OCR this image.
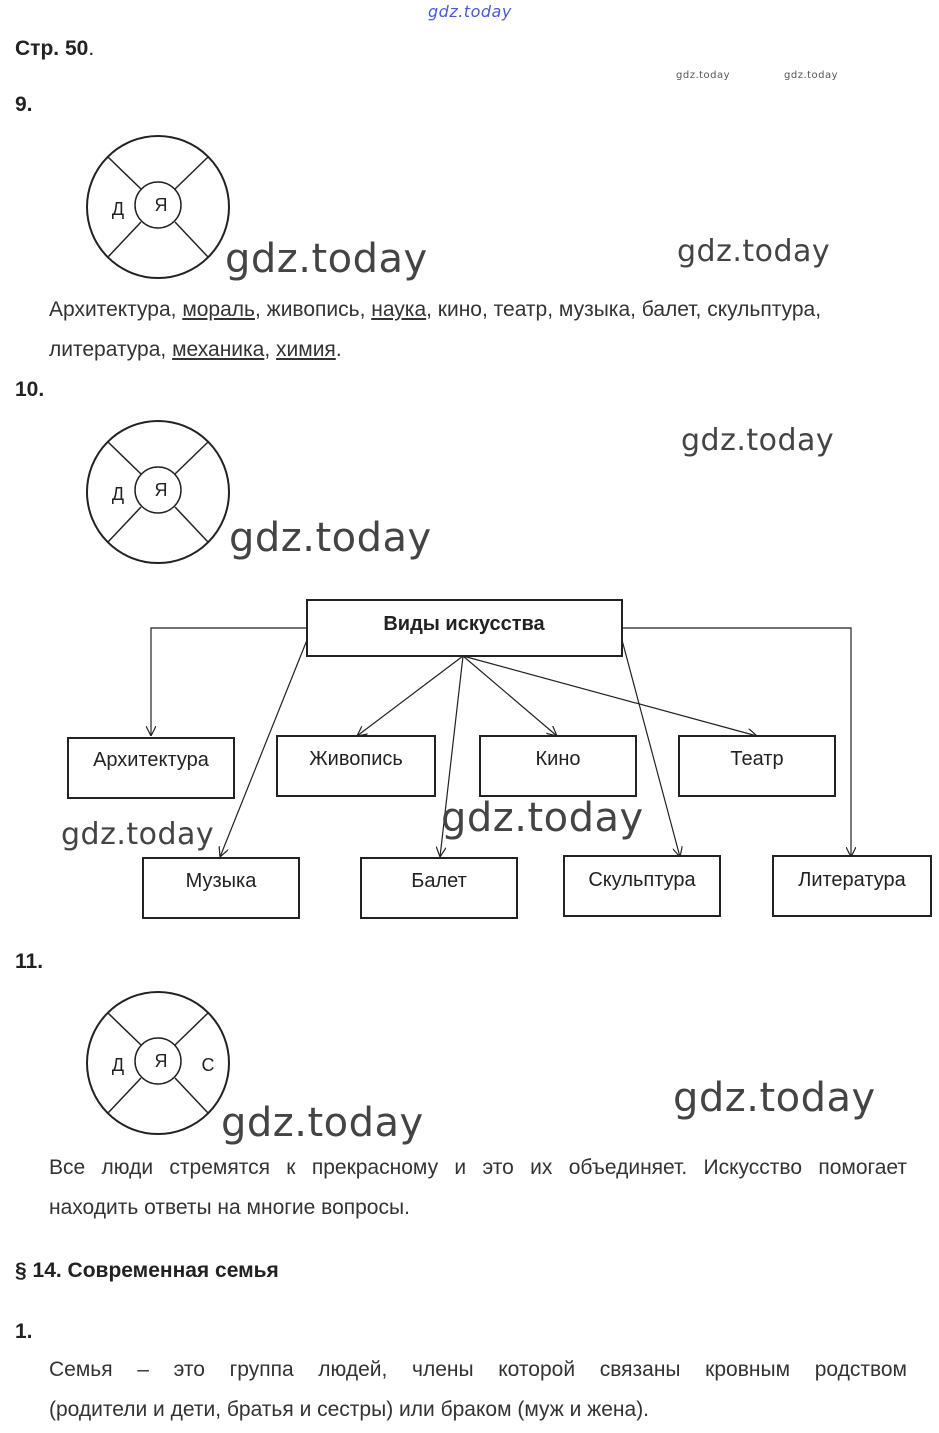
gdz.today
gdz.today	gdz.today
Стр. 50.
9.
Я
Д
gdz.today	gdz.today
Архитектура, мораль, живопись, наука, кино, театр, музыка, балет, скульптура,
литература, механика, химия.
10.
Я
Д
gdz.today
gdz.today
Виды искусства
Архитектура	Живопись	Кино	Театр
Музыка	Балет	Скульптура	Литература
gdz.today	gdz.today
11.
Я
Д	С
gdz.today
gdz.today
Все люди стремятся к прекрасному и это их объединяет. Искусство помогает
находить ответы на многие вопросы.
§ 14. Современная семья
1.
Семья – это группа людей, члены которой связаны кровным родством
(родители и дети, братья и сестры) или браком (муж и жена).
